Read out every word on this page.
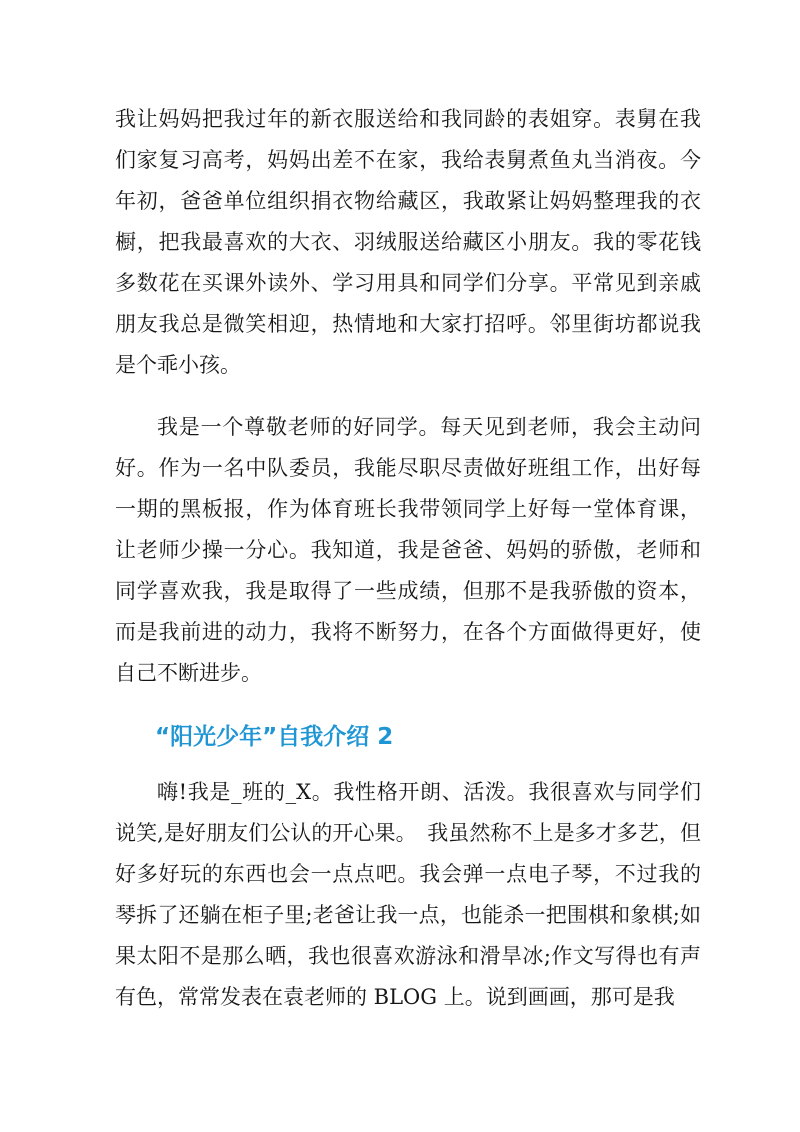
我让妈妈把我过年的新衣服送给和我同龄的表姐穿。表舅在我们家复习高考，妈妈出差不在家，我给表舅煮鱼丸当消夜。今年初，爸爸单位组织捐衣物给藏区，我敢紧让妈妈整理我的衣橱，把我最喜欢的大衣、羽绒服送给藏区小朋友。我的零花钱多数花在买课外读外、学习用具和同学们分享。平常见到亲戚朋友我总是微笑相迎，热情地和大家打招呼。邻里街坊都说我是个乖小孩。

我是一个尊敬老师的好同学。每天见到老师，我会主动问好。作为一名中队委员，我能尽职尽责做好班组工作，出好每一期的黑板报，作为体育班长我带领同学上好每一堂体育课，让老师少操一分心。我知道，我是爸爸、妈妈的骄傲，老师和同学喜欢我，我是取得了一些成绩，但那不是我骄傲的资本，而是我前进的动力，我将不断努力，在各个方面做得更好，使自己不断进步。

“阳光少年”自我介绍 2

嗨!我是_班的_X。我性格开朗、活泼。我很喜欢与同学们说笑,是好朋友们公认的开心果。　我虽然称不上是多才多艺，但好多好玩的东西也会一点点吧。我会弹一点电子琴，不过我的琴拆了还躺在柜子里;老爸让我一点，也能杀一把围棋和象棋;如果太阳不是那么晒，我也很喜欢游泳和滑旱冰;作文写得也有声有色，常常发表在袁老师的 BLOG 上。说到画画，那可是我
